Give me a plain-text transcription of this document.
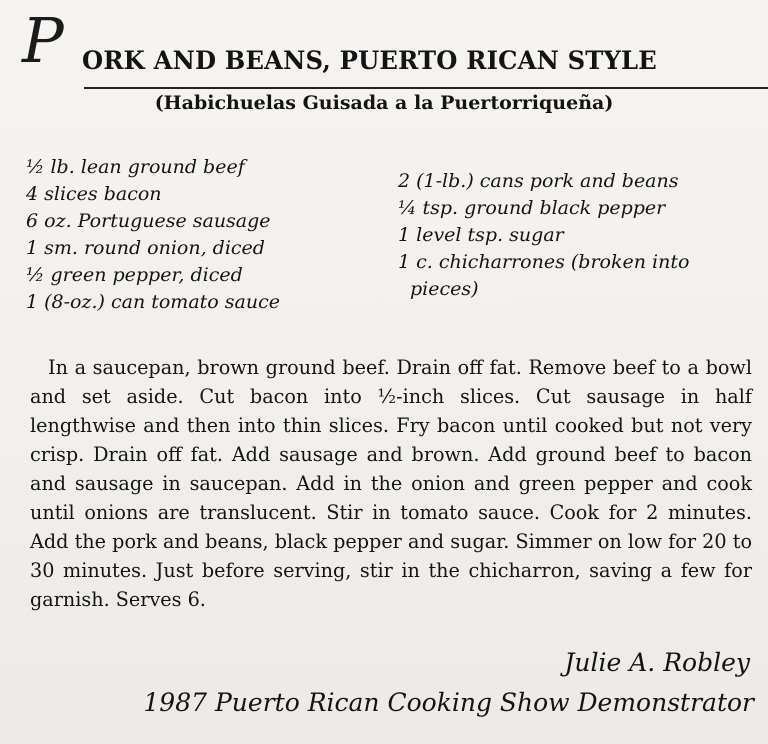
P ORK AND BEANS, PUERTO RICAN STYLE
(Habichuelas Guisada a la Puertorriqueña)
½ lb. lean ground beef
4 slices bacon
6 oz. Portuguese sausage
1 sm. round onion, diced
½ green pepper, diced
1 (8-oz.) can tomato sauce
2 (1-lb.) cans pork and beans
¼ tsp. ground black pepper
1 level tsp. sugar
1 c. chicharrones (broken into
pieces)

In a saucepan, brown ground beef. Drain off fat. Remove beef to a bowl and set aside. Cut bacon into ½-inch slices. Cut sausage in half lengthwise and then into thin slices. Fry bacon until cooked but not very crisp. Drain off fat. Add sausage and brown. Add ground beef to bacon and sausage in saucepan. Add in the onion and green pepper and cook until onions are translucent. Stir in tomato sauce. Cook for 2 minutes. Add the pork and beans, black pepper and sugar. Simmer on low for 20 to 30 minutes. Just before serving, stir in the chicharron, saving a few for garnish. Serves 6.

Julie A. Robley
1987 Puerto Rican Cooking Show Demonstrator
